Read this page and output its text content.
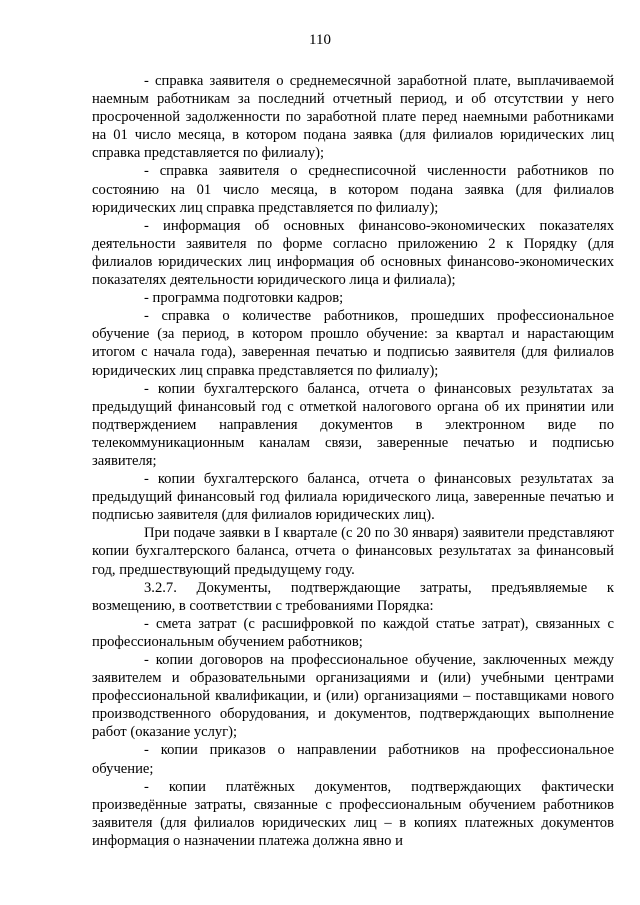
110

- справка заявителя о среднемесячной заработной плате, выплачиваемой наемным работникам за последний отчетный период, и об отсутствии у него просроченной задолженности по заработной плате перед наемными работниками на 01 число месяца, в котором подана заявка (для филиалов юридических лиц справка представляется по филиалу);

- справка заявителя о среднесписочной численности работников по состоянию на 01 число месяца, в котором подана заявка (для филиалов юридических лиц справка представляется по филиалу);

- информация об основных финансово-экономических показателях деятельности заявителя по форме согласно приложению 2 к Порядку (для филиалов юридических лиц информация об основных финансово-экономических показателях деятельности юридического лица и филиала);

- программа подготовки кадров;

- справка о количестве работников, прошедших профессиональное обучение (за период, в котором прошло обучение: за квартал и нарастающим итогом с начала года), заверенная печатью и подписью заявителя (для филиалов юридических лиц справка представляется по филиалу);

- копии бухгалтерского баланса, отчета о финансовых результатах за предыдущий финансовый год с отметкой налогового органа об их принятии или подтверждением направления документов в электронном виде по телекоммуникационным каналам связи, заверенные печатью и подписью заявителя;

- копии бухгалтерского баланса, отчета о финансовых результатах за предыдущий финансовый год филиала юридического лица, заверенные печатью и подписью заявителя (для филиалов юридических лиц).

При подаче заявки в I квартале (с 20 по 30 января) заявители представляют копии бухгалтерского баланса, отчета о финансовых результатах за финансовый год, предшествующий предыдущему году.

3.2.7. Документы, подтверждающие затраты, предъявляемые к возмещению, в соответствии с требованиями Порядка:

- смета затрат (с расшифровкой по каждой статье затрат), связанных с профессиональным обучением работников;

- копии договоров на профессиональное обучение, заключенных между заявителем и образовательными организациями и (или) учебными центрами профессиональной квалификации, и (или) организациями – поставщиками нового производственного оборудования, и документов, подтверждающих выполнение работ (оказание услуг);

- копии приказов о направлении работников на профессиональное обучение;

- копии платёжных документов, подтверждающих фактически произведённые затраты, связанные с профессиональным обучением работников заявителя (для филиалов юридических лиц – в копиях платежных документов информация о назначении платежа должна явно и
